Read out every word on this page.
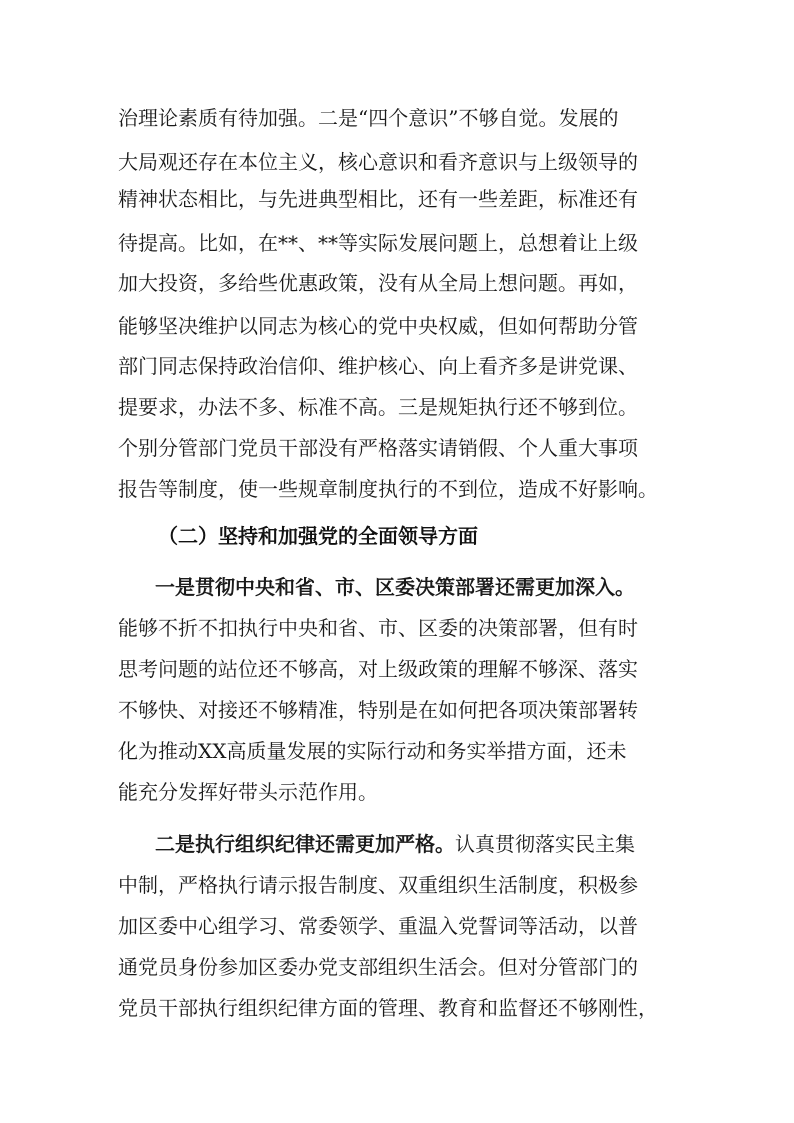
治理论素质有待加强。二是“四个意识”不够自觉。发展的
大局观还存在本位主义，核心意识和看齐意识与上级领导的
精神状态相比，与先进典型相比，还有一些差距，标准还有
待提高。比如，在**、**等实际发展问题上，总想着让上级
加大投资，多给些优惠政策，没有从全局上想问题。再如，
能够坚决维护以同志为核心的党中央权威，但如何帮助分管
部门同志保持政治信仰、维护核心、向上看齐多是讲党课、
提要求，办法不多、标准不高。三是规矩执行还不够到位。
个别分管部门党员干部没有严格落实请销假、个人重大事项
报告等制度，使一些规章制度执行的不到位，造成不好影响。
（二）坚持和加强党的全面领导方面
一是贯彻中央和省、市、区委决策部署还需更加深入。
能够不折不扣执行中央和省、市、区委的决策部署，但有时
思考问题的站位还不够高，对上级政策的理解不够深、落实
不够快、对接还不够精准，特别是在如何把各项决策部署转
化为推动XX高质量发展的实际行动和务实举措方面，还未
能充分发挥好带头示范作用。
二是执行组织纪律还需更加严格。认真贯彻落实民主集
中制，严格执行请示报告制度、双重组织生活制度，积极参
加区委中心组学习、常委领学、重温入党誓词等活动，以普
通党员身份参加区委办党支部组织生活会。但对分管部门的
党员干部执行组织纪律方面的管理、教育和监督还不够刚性，
